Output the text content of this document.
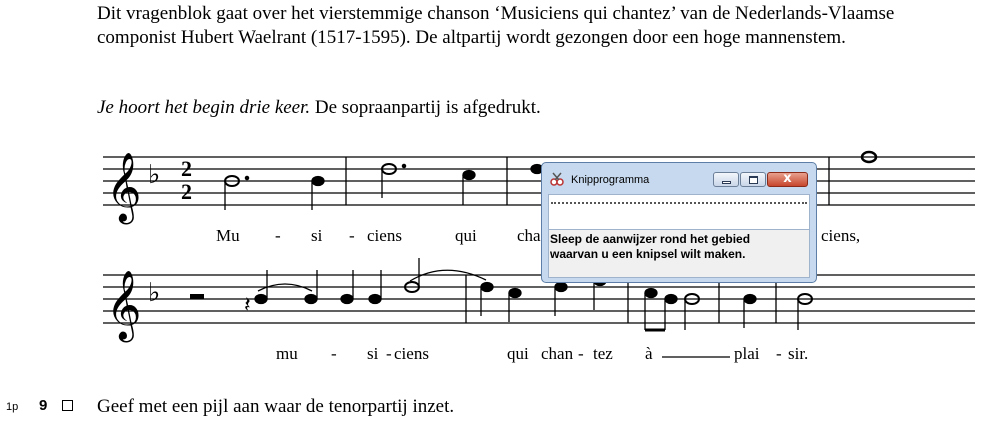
Dit vragenblok gaat over het vierstemmige chanson ‘Musiciens qui chantez’ van de Nederlands-Vlaamse componist Hubert Waelrant (1517-1595). De altpartij wordt gezongen door een hoge mannenstem.
Je hoort het begin drie keer. De sopraanpartij is afgedrukt.
𝄞 ♭ 2
2
Mu - si - ciens	qui cha	ciens,
𝄞 ♭	𝄽
mu - si - ciens	qui chan - tez à	plai - sir.
1p 9	Geef met een pijl aan waar de tenorpartij inzet.
Knipprogramma	x
Sleep de aanwijzer rond het gebied
waarvan u een knipsel wilt maken.
